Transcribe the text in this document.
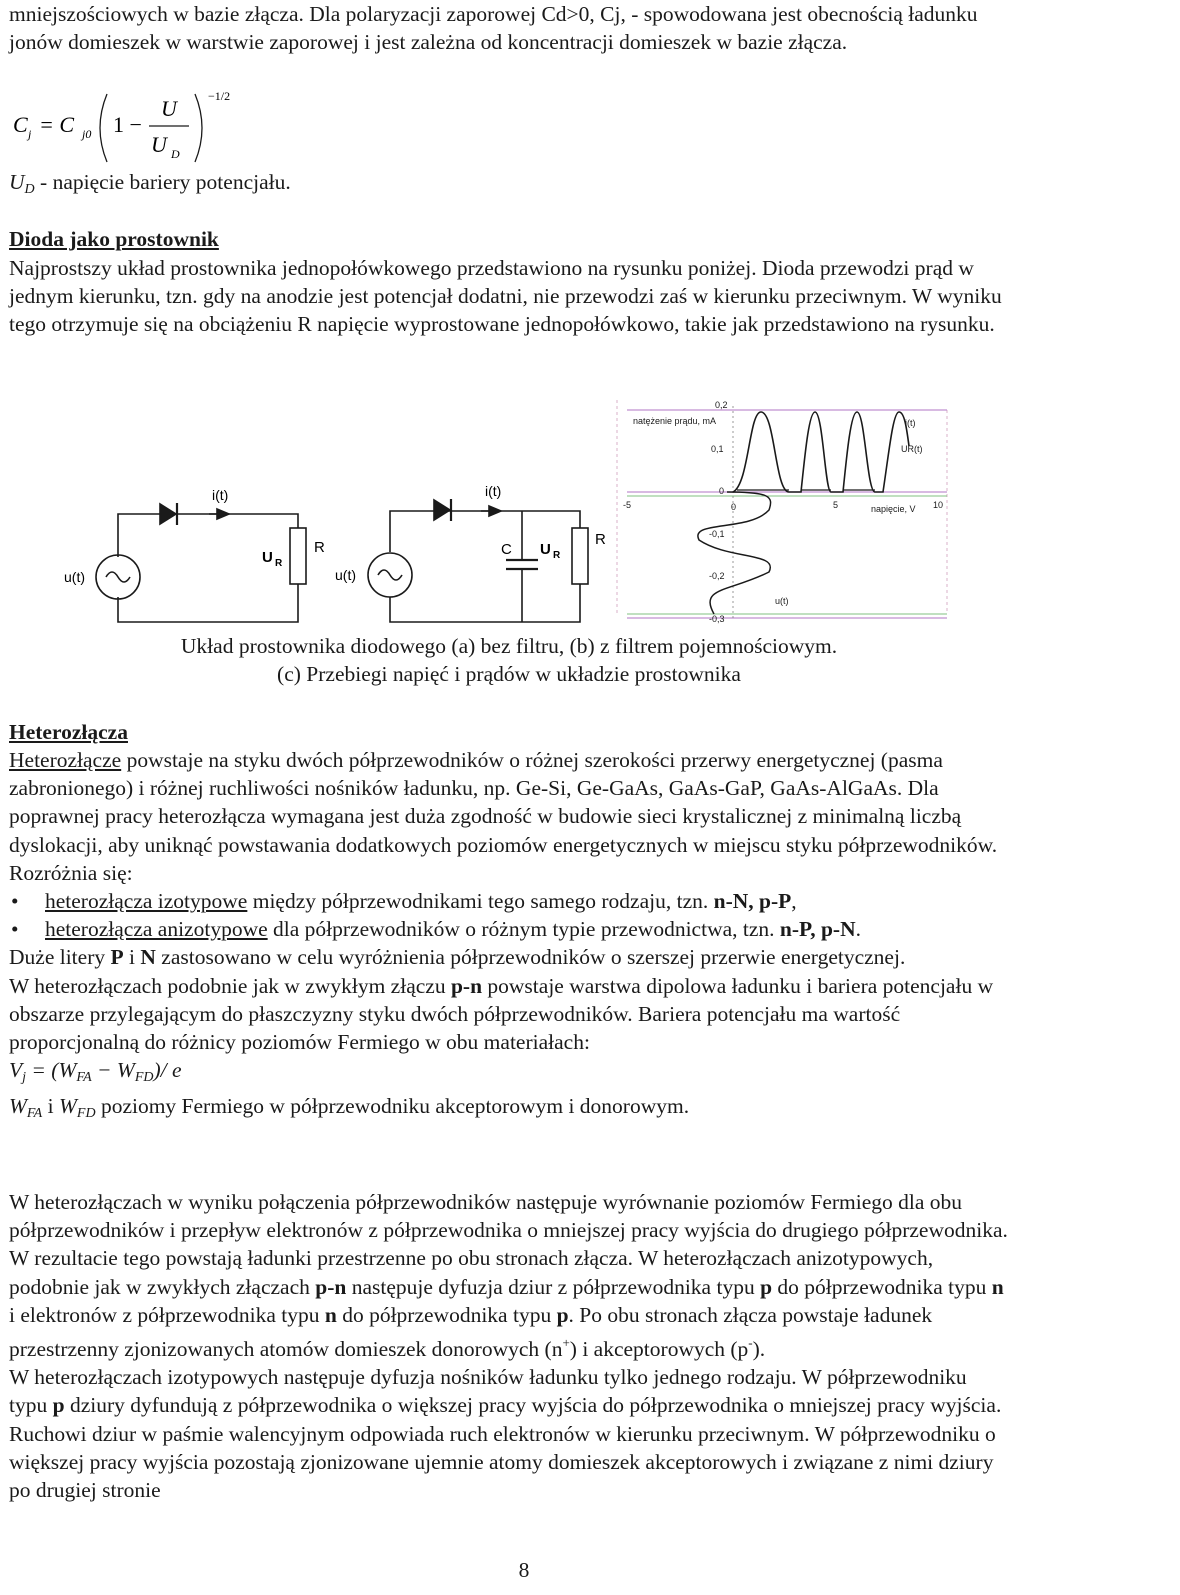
mniejszościowych w bazie złącza. Dla polaryzacji zaporowej Cd>0, Cj, - spowodowana jest obecnością ładunku jonów domieszek w warstwie zaporowej i jest zależna od koncentracji domieszek w bazie złącza.

C j = C j0 1 −
U
U D
−1/2

$U_D$ - napięcie bariery potencjału.

Dioda jako prostownik

Najprostszy układ prostownika jednopołówkowego przedstawiono na rysunku poniżej. Dioda przewodzi prąd w jednym kierunku, tzn. gdy na anodzie jest potencjał dodatni, nie przewodzi zaś w kierunku przeciwnym. W wyniku tego otrzymuje się na obciążeniu R napięcie wyprostowane jednopołówkowo, takie jak przedstawiono na rysunku.

i(t)
u(t)
U R
R
i(t)
u(t)
C U R
R
natężenie prądu, mA
0,2
0,1
0
-0,1
-0,2
-0,3
-5	0	5	10
napięcie, V
i(t)
UR(t)
u(t)

Układ prostownika diodowego (a) bez filtru, (b) z filtrem pojemnościowym.

(c) Przebiegi napięć i prądów w układzie prostownika

Heterozłącza

Heterozłącze powstaje na styku dwóch półprzewodników o różnej szerokości przerwy energetycznej (pasma zabronionego) i różnej ruchliwości nośników ładunku, np. Ge-Si, Ge-GaAs, GaAs-GaP, GaAs-AlGaAs. Dla poprawnej pracy heterozłącza wymagana jest duża zgodność w budowie sieci krystalicznej z minimalną liczbą dyslokacji, aby uniknąć powstawania dodatkowych poziomów energetycznych w miejscu styku półprzewodników. Rozróżnia się:

• heterozłącza izotypowe między półprzewodnikami tego samego rodzaju, tzn. n-N, p-P,
• heterozłącza anizotypowe dla półprzewodników o różnym typie przewodnictwa, tzn. n-P, p-N.

Duże litery P i N zastosowano w celu wyróżnienia półprzewodników o szerszej przerwie energetycznej.

W heterozłączach podobnie jak w zwykłym złączu p-n powstaje warstwa dipolowa ładunku i bariera potencjału w obszarze przylegającym do płaszczyzny styku dwóch półprzewodników. Bariera potencjału ma wartość proporcjonalną do różnicy poziomów Fermiego w obu materiałach:

$V_j = (W_{FA} - W_{FD})/$ e

$W_{FA}$ i $W_{FD}$ poziomy Fermiego w półprzewodniku akceptorowym i donorowym.

W heterozłączach w wyniku połączenia półprzewodników następuje wyrównanie poziomów Fermiego dla obu półprzewodników i przepływ elektronów z półprzewodnika o mniejszej pracy wyjścia do drugiego półprzewodnika. W rezultacie tego powstają ładunki przestrzenne po obu stronach złącza. W heterozłączach anizotypowych, podobnie jak w zwykłych złączach p-n następuje dyfuzja dziur z półprzewodnika typu p do półprzewodnika typu n i elektronów z półprzewodnika typu n do półprzewodnika typu p. Po obu stronach złącza powstaje ładunek przestrzenny zjonizowanych atomów domieszek donorowych (n+) i akceptorowych (p-).

W heterozłączach izotypowych następuje dyfuzja nośników ładunku tylko jednego rodzaju. W półprzewodniku typu p dziury dyfundują z półprzewodnika o większej pracy wyjścia do półprzewodnika o mniejszej pracy wyjścia. Ruchowi dziur w paśmie walencyjnym odpowiada ruch elektronów w kierunku przeciwnym. W półprzewodniku o większej pracy wyjścia pozostają zjonizowane ujemnie atomy domieszek akceptorowych i związane z nimi dziury po drugiej stronie

8
